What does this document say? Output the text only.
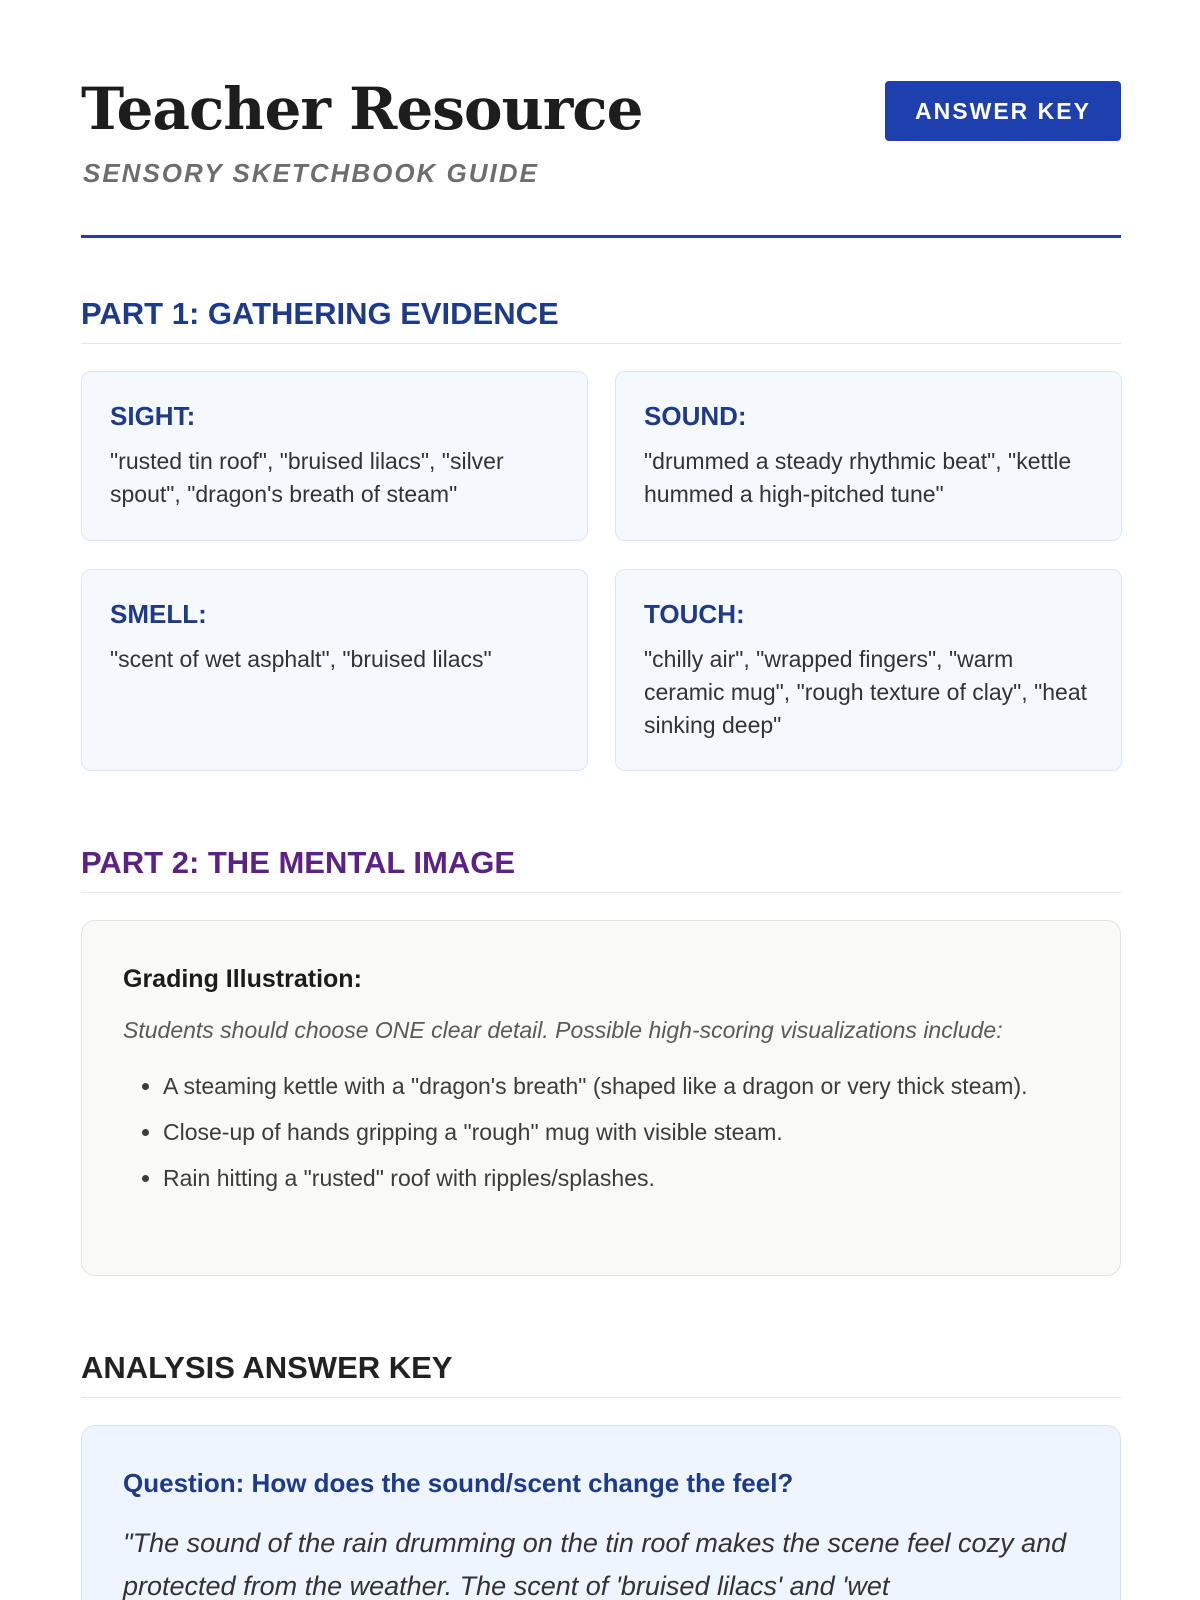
Teacher Resource

SENSORY SKETCHBOOK GUIDE

ANSWER KEY
PART 1: GATHERING EVIDENCE

SIGHT:

"rusted tin roof", "bruised lilacs", "silver spout", "dragon's breath of steam"

SOUND:

"drummed a steady rhythmic beat", "kettle hummed a high-pitched tune"

SMELL:

"scent of wet asphalt", "bruised lilacs"

TOUCH:

"chilly air", "wrapped fingers", "warm ceramic mug", "rough texture of clay", "heat sinking deep"

PART 2: THE MENTAL IMAGE

Grading Illustration:

Students should choose ONE clear detail. Possible high-scoring visualizations include:

• A steaming kettle with a "dragon's breath" (shaped like a dragon or very thick steam).
• Close-up of hands gripping a "rough" mug with visible steam.
• Rain hitting a "rusted" roof with ripples/splashes.
ANALYSIS ANSWER KEY

Question: How does the sound/scent change the feel?

"The sound of the rain drumming on the tin roof makes the scene feel cozy and protected from the weather. The scent of 'bruised lilacs' and 'wet
